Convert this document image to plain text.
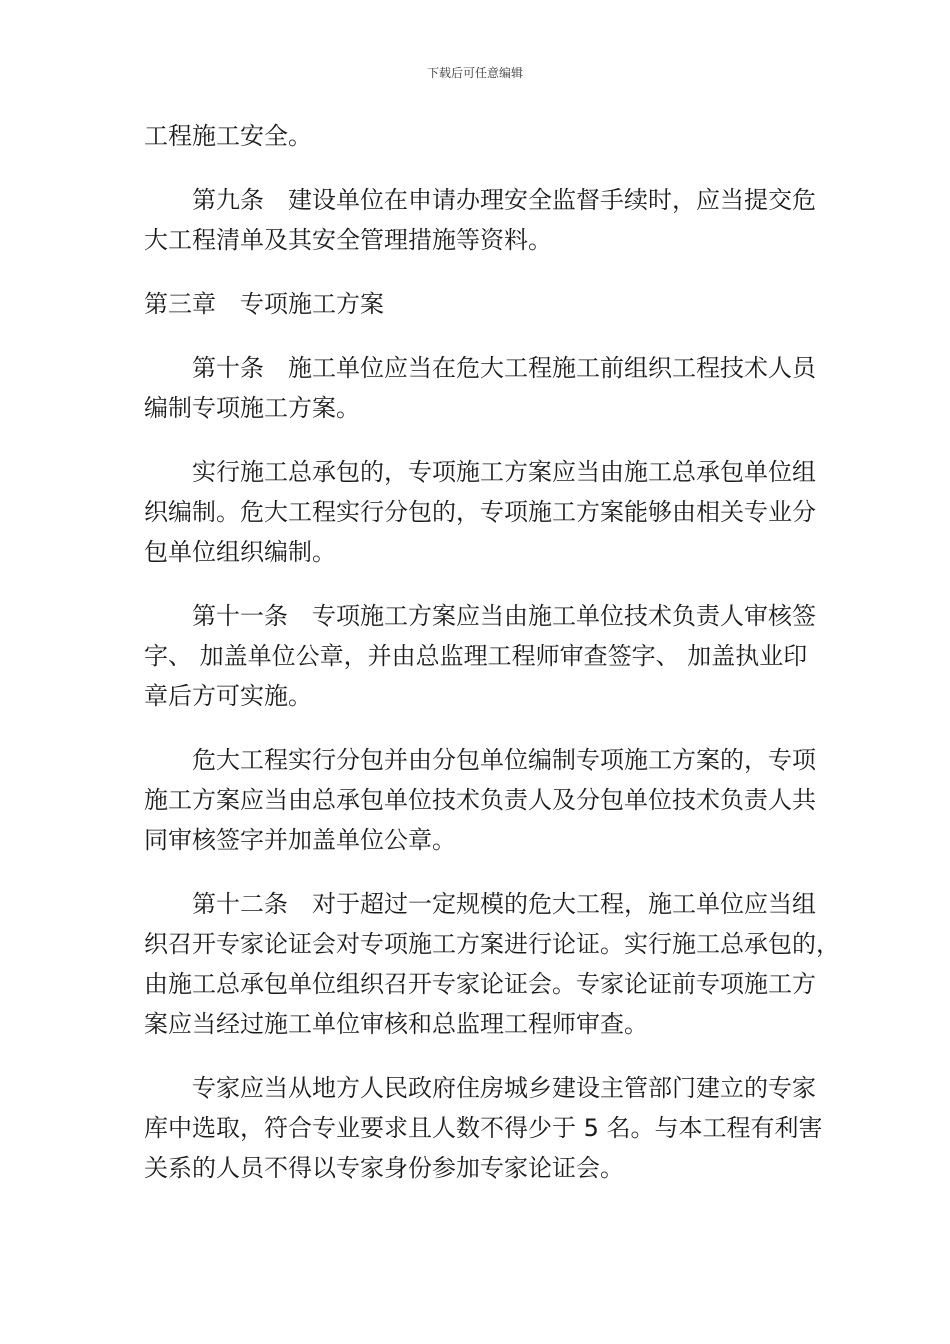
下载后可任意编辑
工程施工安全。
第九条　建设单位在申请办理安全监督手续时，应当提交危
大工程清单及其安全管理措施等资料。
第三章　专项施工方案
第十条　施工单位应当在危大工程施工前组织工程技术人员
编制专项施工方案。
实行施工总承包的，专项施工方案应当由施工总承包单位组
织编制。危大工程实行分包的，专项施工方案能够由相关专业分
包单位组织编制。
第十一条　专项施工方案应当由施工单位技术负责人审核签
字、 加盖单位公章，并由总监理工程师审查签字、 加盖执业印
章后方可实施。
危大工程实行分包并由分包单位编制专项施工方案的，专项
施工方案应当由总承包单位技术负责人及分包单位技术负责人共
同审核签字并加盖单位公章。
第十二条　对于超过一定规模的危大工程，施工单位应当组
织召开专家论证会对专项施工方案进行论证。实行施工总承包的，
由施工总承包单位组织召开专家论证会。专家论证前专项施工方
案应当经过施工单位审核和总监理工程师审查。
专家应当从地方人民政府住房城乡建设主管部门建立的专家
库中选取，符合专业要求且人数不得少于 5 名。与本工程有利害
关系的人员不得以专家身份参加专家论证会。
